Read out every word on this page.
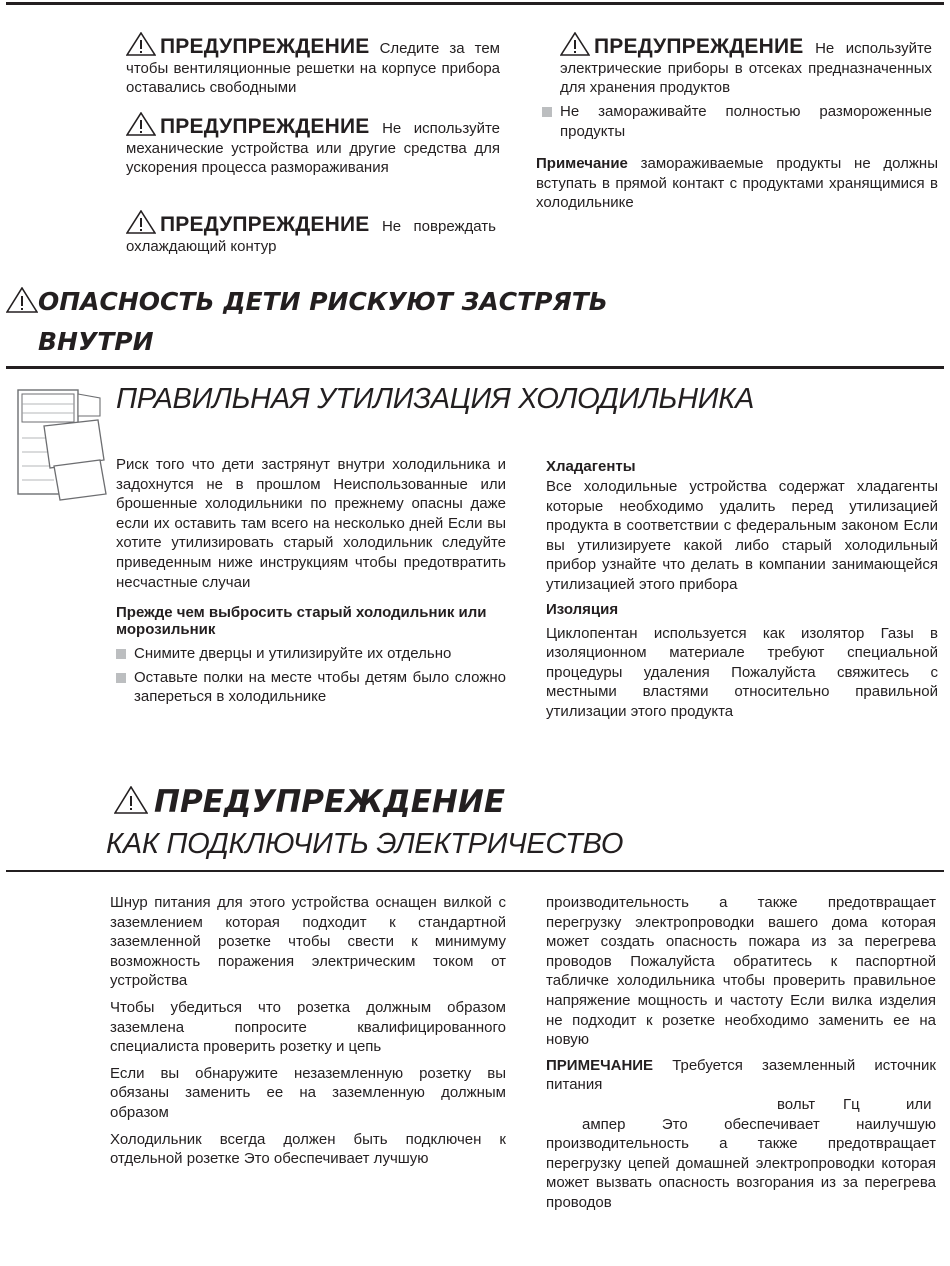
ПРЕДУПРЕЖДЕНИЕ Следите за тем чтобы вентиляционные решетки на корпусе прибора оставались свободными

ПРЕДУПРЕЖДЕНИЕ Не используйте механические устройства или другие средства для ускорения процесса размораживания

ПРЕДУПРЕЖДЕНИЕ Не повреждать охлаждающий контур

ПРЕДУПРЕЖДЕНИЕ Не используйте электрические приборы в отсеках предназначенных для хранения продуктов

Не замораживайте полностью размороженные продукты

Примечание замораживаемые продукты не должны вступать в прямой контакт с продуктами хранящимися в холодильнике

ОПАСНОСТЬ ДЕТИ РИСКУЮТ ЗАСТРЯТЬ
ВНУТРИ
ПРАВИЛЬНАЯ УТИЛИЗАЦИЯ ХОЛОДИЛЬНИКА

Риск того что дети застрянут внутри холодильника и задохнутся не в прошлом Неиспользованные или брошенные холодильники по прежнему опасны даже если их оставить там всего на несколько дней Если вы хотите утилизировать старый холодильник следуйте приведенным ниже инструкциям чтобы предотвратить несчастные случаи

Прежде чем выбросить старый холодильник или морозильник

Снимите дверцы и утилизируйте их отдельно

Оставьте полки на месте чтобы детям было сложно запереться в холодильнике

Хладагенты

Все холодильные устройства содержат хладагенты которые необходимо удалить перед утилизацией продукта в соответствии с федеральным законом Если вы утилизируете какой либо старый холодильный прибор узнайте что делать в компании занимающейся утилизацией этого прибора

Изоляция

Циклопентан используется как изолятор Газы в изоляционном материале требуют специальной процедуры удаления Пожалуйста свяжитесь с местными властями относительно правильной утилизации этого продукта

ПРЕДУПРЕЖДЕНИЕ
КАК ПОДКЛЮЧИТЬ ЭЛЕКТРИЧЕСТВО

Шнур питания для этого устройства оснащен вилкой с заземлением которая подходит к стандартной заземленной розетке чтобы свести к минимуму возможность поражения электрическим током от устройства

Чтобы убедиться что розетка должным образом заземлена попросите квалифицированного специалиста проверить розетку и цепь

Если вы обнаружите незаземленную розетку вы обязаны заменить ее на заземленную должным образом

Холодильник всегда должен быть подключен к отдельной розетке Это обеспечивает лучшую

производительность а также предотвращает перегрузку электропроводки вашего дома которая может создать опасность пожара из за перегрева проводов Пожалуйста обратитесь к паспортной табличке холодильника чтобы проверить правильное напряжение мощность и частоту Если вилка изделия не подходит к розетке необходимо заменить ее на новую

ПРИМЕЧАНИЕ Требуется заземленный источник питания

вольт	Гц	или

ампер Это обеспечивает наилучшую производительность а также предотвращает перегрузку цепей домашней электропроводки которая может вызвать опасность возгорания из за перегрева проводов
